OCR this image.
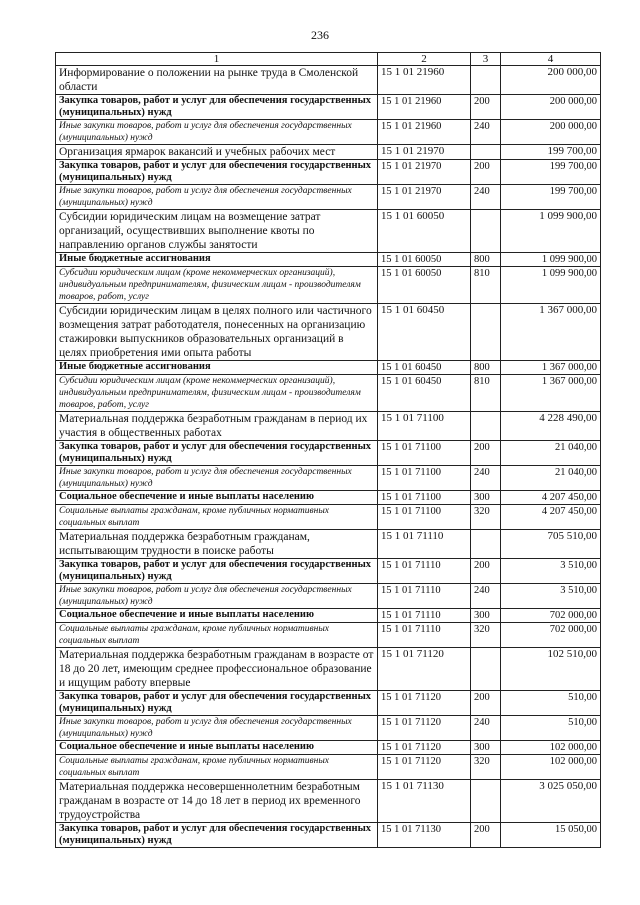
236
1	2	3	4
Информирование о положении на рынке труда в Смоленской области	15 1 01 21960		200 000,00
Закупка товаров, работ и услуг для обеспечения государственных (муниципальных) нужд	15 1 01 21960	200	200 000,00
Иные закупки товаров, работ и услуг для обеспечения государственных (муниципальных) нужд	15 1 01 21960	240	200 000,00
Организация ярмарок вакансий и учебных рабочих мест	15 1 01 21970		199 700,00
Закупка товаров, работ и услуг для обеспечения государственных (муниципальных) нужд	15 1 01 21970	200	199 700,00
Иные закупки товаров, работ и услуг для обеспечения государственных (муниципальных) нужд	15 1 01 21970	240	199 700,00
Субсидии юридическим лицам на возмещение затрат организаций, осуществивших выполнение квоты по направлению органов службы занятости	15 1 01 60050		1 099 900,00
Иные бюджетные ассигнования	15 1 01 60050	800	1 099 900,00
Субсидии юридическим лицам (кроме некоммерческих организаций), индивидуальным предпринимателям, физическим лицам - производителям товаров, работ, услуг	15 1 01 60050	810	1 099 900,00
Субсидии юридическим лицам в целях полного или частичного возмещения затрат работодателя, понесенных на организацию стажировки выпускников образовательных организаций в целях приобретения ими опыта работы	15 1 01 60450		1 367 000,00
Иные бюджетные ассигнования	15 1 01 60450	800	1 367 000,00
Субсидии юридическим лицам (кроме некоммерческих организаций), индивидуальным предпринимателям, физическим лицам - производителям товаров, работ, услуг	15 1 01 60450	810	1 367 000,00
Материальная поддержка безработным гражданам в период их участия в общественных работах	15 1 01 71100		4 228 490,00
Закупка товаров, работ и услуг для обеспечения государственных (муниципальных) нужд	15 1 01 71100	200	21 040,00
Иные закупки товаров, работ и услуг для обеспечения государственных (муниципальных) нужд	15 1 01 71100	240	21 040,00
Социальное обеспечение и иные выплаты населению	15 1 01 71100	300	4 207 450,00
Социальные выплаты гражданам, кроме публичных нормативных социальных выплат	15 1 01 71100	320	4 207 450,00
Материальная поддержка безработным гражданам, испытывающим трудности в поиске работы	15 1 01 71110		705 510,00
Закупка товаров, работ и услуг для обеспечения государственных (муниципальных) нужд	15 1 01 71110	200	3 510,00
Иные закупки товаров, работ и услуг для обеспечения государственных (муниципальных) нужд	15 1 01 71110	240	3 510,00
Социальное обеспечение и иные выплаты населению	15 1 01 71110	300	702 000,00
Социальные выплаты гражданам, кроме публичных нормативных социальных выплат	15 1 01 71110	320	702 000,00
Материальная поддержка безработным гражданам в возрасте от 18 до 20 лет, имеющим среднее профессиональное образование и ищущим работу впервые	15 1 01 71120		102 510,00
Закупка товаров, работ и услуг для обеспечения государственных (муниципальных) нужд	15 1 01 71120	200	510,00
Иные закупки товаров, работ и услуг для обеспечения государственных (муниципальных) нужд	15 1 01 71120	240	510,00
Социальное обеспечение и иные выплаты населению	15 1 01 71120	300	102 000,00
Социальные выплаты гражданам, кроме публичных нормативных социальных выплат	15 1 01 71120	320	102 000,00
Материальная поддержка несовершеннолетним безработным гражданам в возрасте от 14 до 18 лет в период их временного трудоустройства	15 1 01 71130		3 025 050,00
Закупка товаров, работ и услуг для обеспечения государственных (муниципальных) нужд	15 1 01 71130	200	15 050,00
